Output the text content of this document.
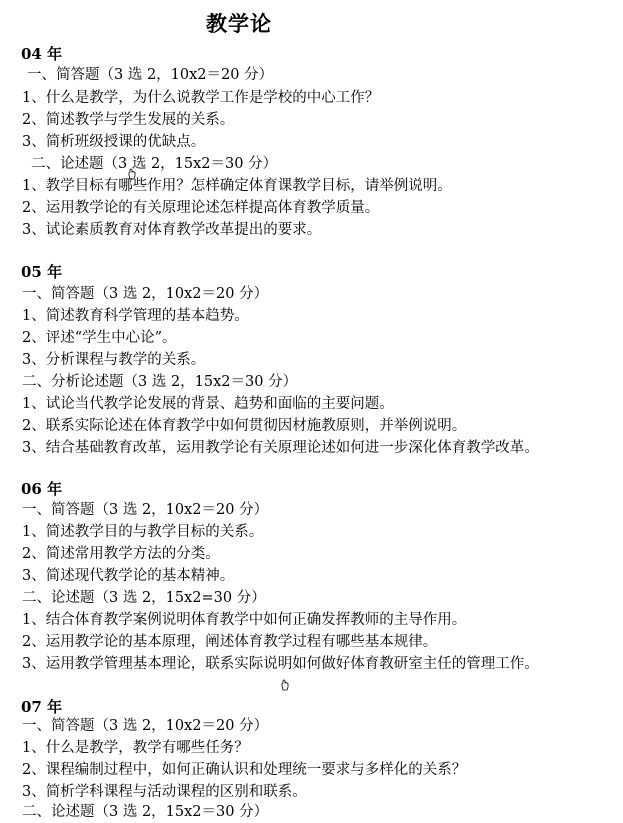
教学论
04 年
一、简答题（3 选 2，10x2＝20 分）
1、什么是教学，为什么说教学工作是学校的中心工作？
2、简述教学与学生发展的关系。
3、简析班级授课的优缺点。
二、论述题（3 选 2，15x2＝30 分）
1、教学目标有哪些作用？怎样确定体育课教学目标，请举例说明。
2、运用教学论的有关原理论述怎样提高体育教学质量。
3、试论素质教育对体育教学改革提出的要求。
05 年
一、简答题（3 选 2，10x2＝20 分）
1、简述教育科学管理的基本趋势。
2、评述“学生中心论”。
3、分析课程与教学的关系。
二、分析论述题（3 选 2，15x2＝30 分）
1、试论当代教学论发展的背景、趋势和面临的主要问题。
2、联系实际论述在体育教学中如何贯彻因材施教原则，并举例说明。
3、结合基础教育改革，运用教学论有关原理论述如何进一步深化体育教学改革。
06 年
一、简答题（3 选 2，10x2＝20 分）
1、简述教学目的与教学目标的关系。
2、简述常用教学方法的分类。
3、简述现代教学论的基本精神。
二、论述题（3 选 2，15x2=30 分）
1、结合体育教学案例说明体育教学中如何正确发挥教师的主导作用。
2、运用教学论的基本原理，阐述体育教学过程有哪些基本规律。
3、运用教学管理基本理论，联系实际说明如何做好体育教研室主任的管理工作。
07 年
一、简答题（3 选 2，10x2＝20 分）
1、什么是教学，教学有哪些任务？
2、课程编制过程中，如何正确认识和处理统一要求与多样化的关系？
3、简析学科课程与活动课程的区别和联系。
二、论述题（3 选 2，15x2＝30 分）
